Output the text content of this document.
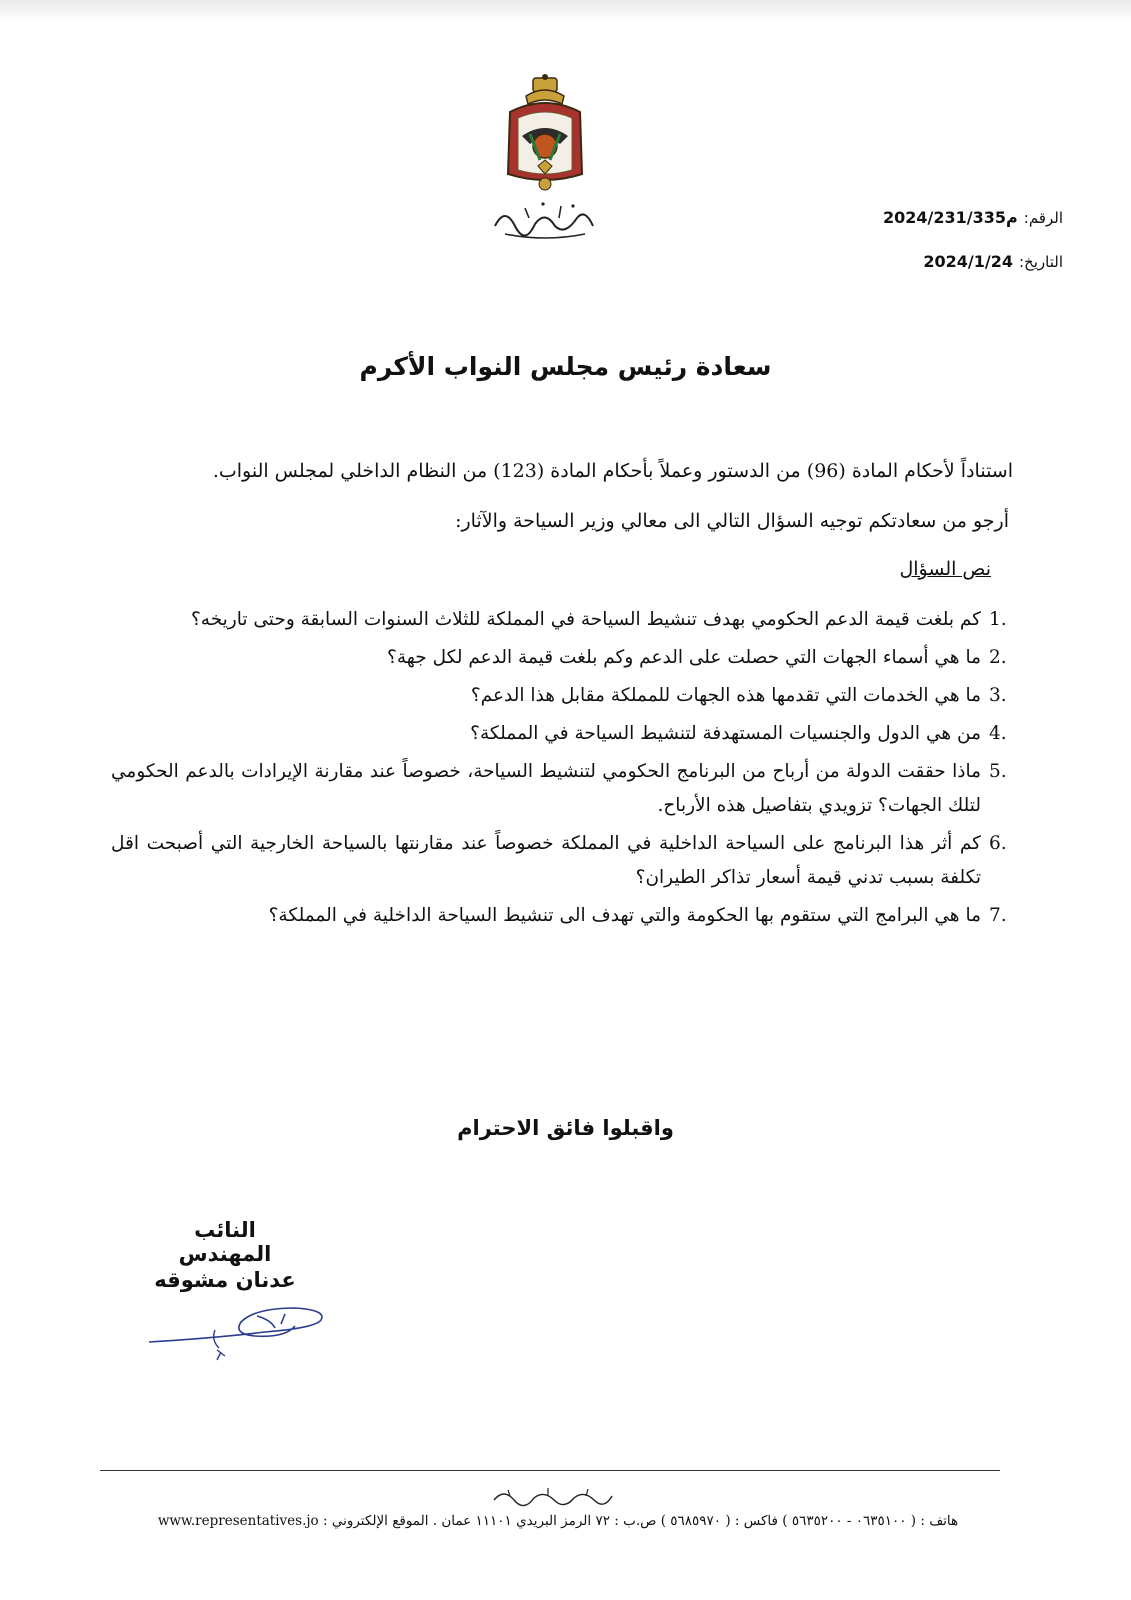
الرقم:
م2024/231/335
التاريخ:
2024/1/24
سعادة رئيس مجلس النواب الأكرم
استناداً لأحكام المادة (96) من الدستور وعملاً بأحكام المادة (123) من النظام الداخلي لمجلس النواب.
أرجو من سعادتكم توجيه السؤال التالي الى معالي وزير السياحة والآثار:
نص السؤال
1.
كم بلغت قيمة الدعم الحكومي بهدف تنشيط السياحة في المملكة للثلاث السنوات السابقة وحتى تاريخه؟
2.
ما هي أسماء الجهات التي حصلت على الدعم وكم بلغت قيمة الدعم لكل جهة؟
3.
ما هي الخدمات التي تقدمها هذه الجهات للمملكة مقابل هذا الدعم؟
4.
من هي الدول والجنسيات المستهدفة لتنشيط السياحة في المملكة؟
5.
ماذا حققت الدولة من أرباح من البرنامج الحكومي لتنشيط السياحة، خصوصاً عند مقارنة الإيرادات بالدعم الحكومي لتلك الجهات؟ تزويدي بتفاصيل هذه الأرباح.
6.
كم أثر هذا البرنامج على السياحة الداخلية في المملكة خصوصاً عند مقارنتها بالسياحة الخارجية التي أصبحت اقل تكلفة بسبب تدني قيمة أسعار تذاكر الطيران؟
7.
ما هي البرامج التي ستقوم بها الحكومة والتي تهدف الى تنشيط السياحة الداخلية في المملكة؟
واقبلوا فائق الاحترام
النائب المهندس
عدنان مشوقه
هاتف : ( ٠٦٣٥١٠٠ - ٥٦٣٥٢٠٠ ) فاكس : ( ٥٦٨٥٩٧٠ ) ص.ب : ٧٢ الرمز البريدي ١١١٠١ عمان . الموقع الإلكتروني : www.representatives.jo
